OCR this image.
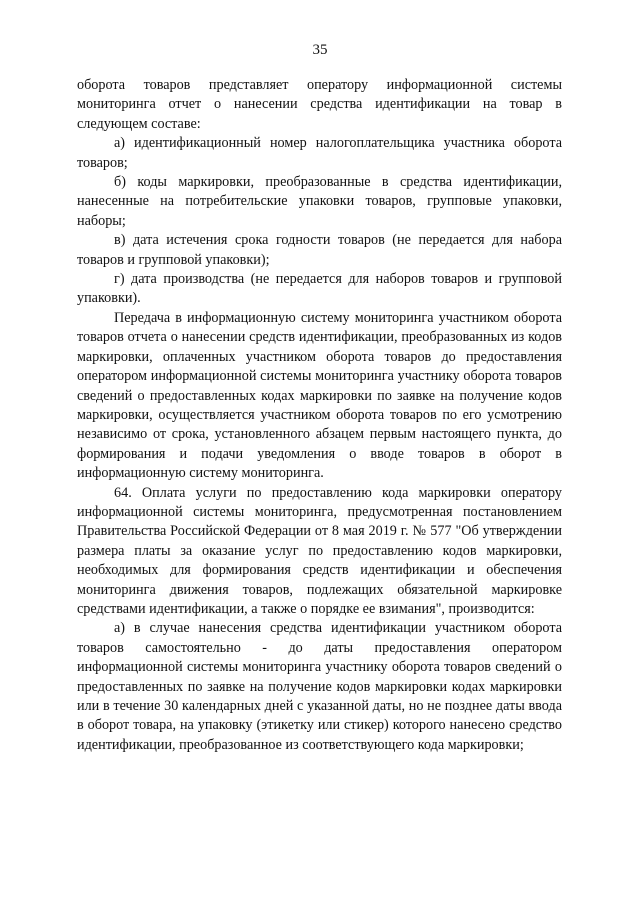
35

оборота товаров представляет оператору информационной системы мониторинга отчет о нанесении средства идентификации на товар в следующем составе:

а) идентификационный номер налогоплательщика участника оборота товаров;

б) коды маркировки, преобразованные в средства идентификации, нанесенные на потребительские упаковки товаров, групповые упаковки, наборы;

в) дата истечения срока годности товаров (не передается для набора товаров и групповой упаковки);

г) дата производства (не передается для наборов товаров и групповой упаковки).

Передача в информационную систему мониторинга участником оборота товаров отчета о нанесении средств идентификации, преобразованных из кодов маркировки, оплаченных участником оборота товаров до предоставления оператором информационной системы мониторинга участнику оборота товаров сведений о предоставленных кодах маркировки по заявке на получение кодов маркировки, осуществляется участником оборота товаров по его усмотрению независимо от срока, установленного абзацем первым настоящего пункта, до формирования и подачи уведомления о вводе товаров в оборот в информационную систему мониторинга.

64. Оплата услуги по предоставлению кода маркировки оператору информационной системы мониторинга, предусмотренная постановлением Правительства Российской Федерации от 8 мая 2019 г. № 577 "Об утверждении размера платы за оказание услуг по предоставлению кодов маркировки, необходимых для формирования средств идентификации и обеспечения мониторинга движения товаров, подлежащих обязательной маркировке средствами идентификации, а также о порядке ее взимания", производится:

а) в случае нанесения средства идентификации участником оборота товаров самостоятельно - до даты предоставления оператором информационной системы мониторинга участнику оборота товаров сведений о предоставленных по заявке на получение кодов маркировки кодах маркировки или в течение 30 календарных дней с указанной даты, но не позднее даты ввода в оборот товара, на упаковку (этикетку или стикер) которого нанесено средство идентификации, преобразованное из соответствующего кода маркировки;
